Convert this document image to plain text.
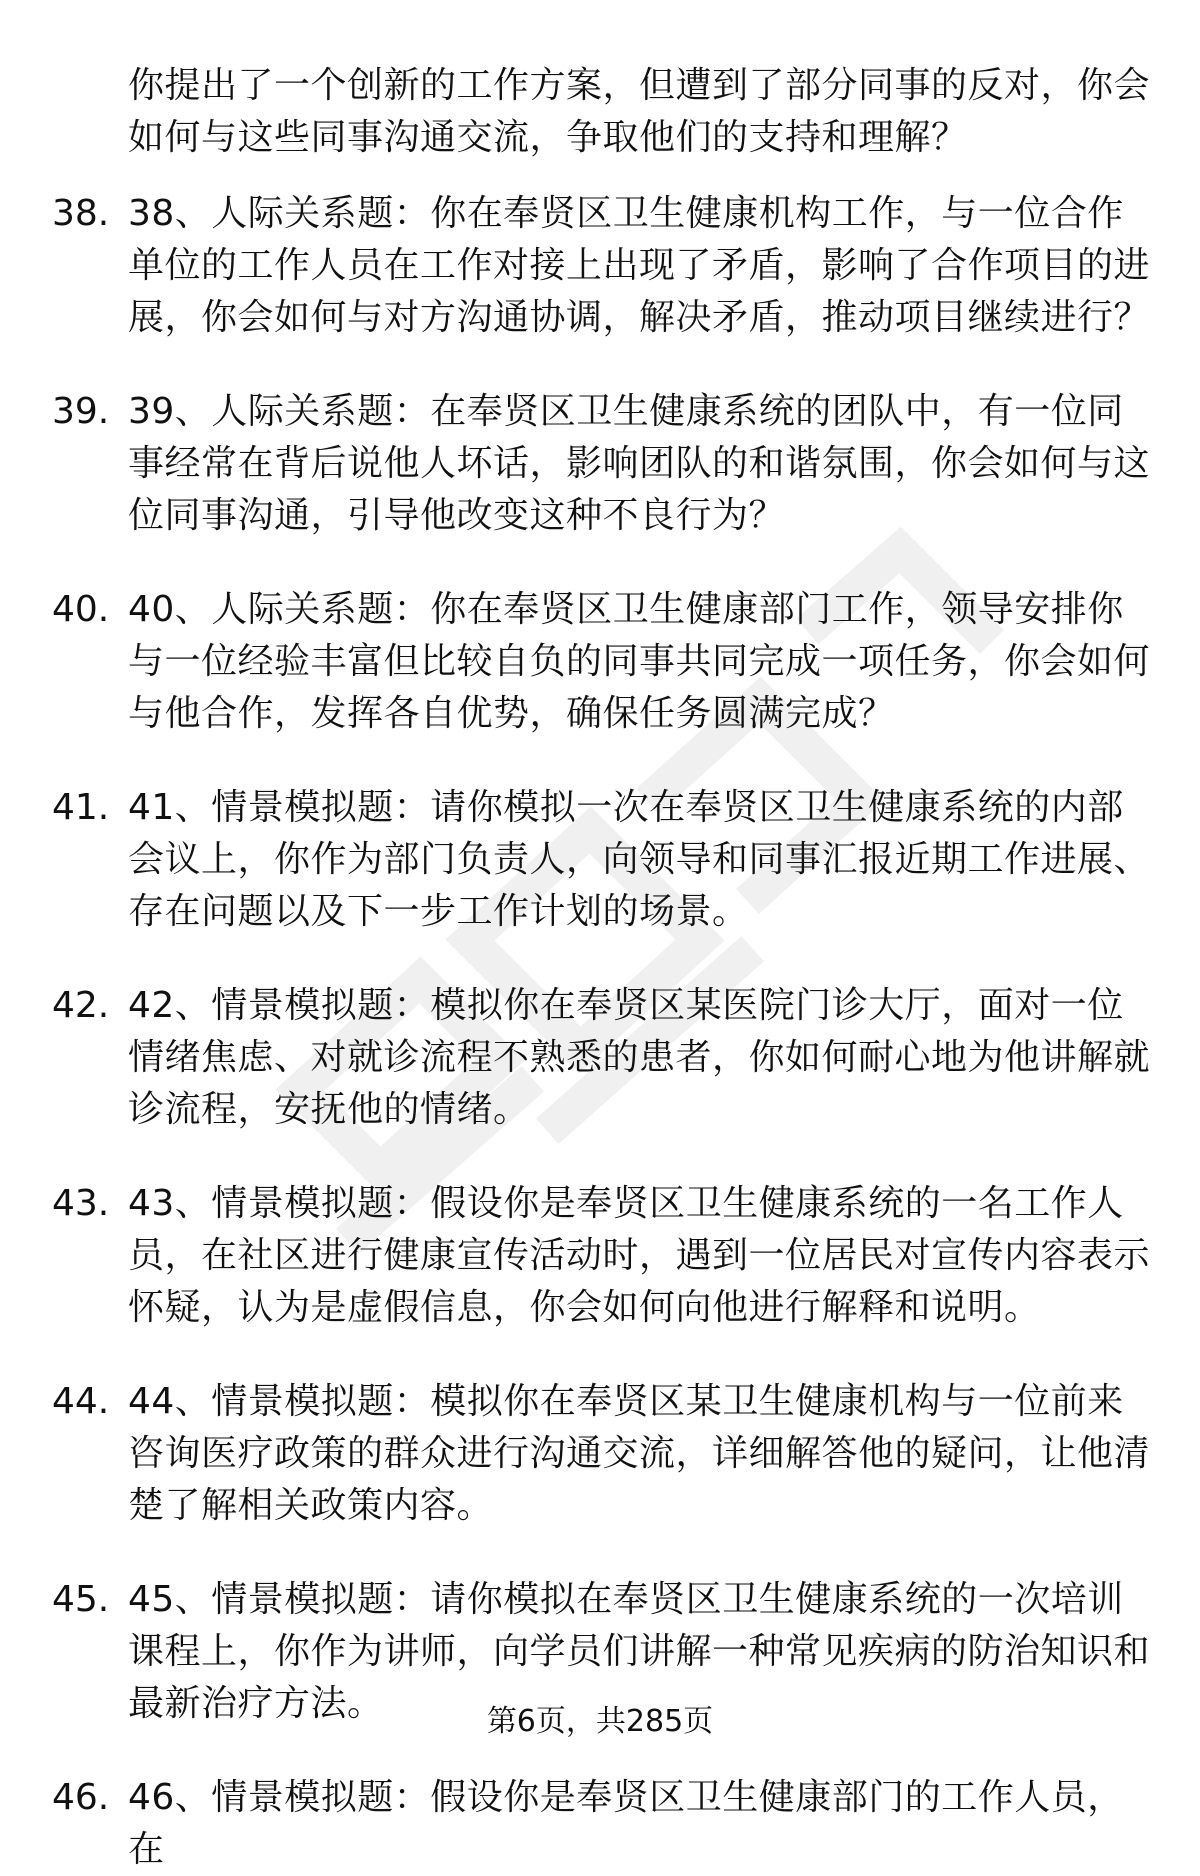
你提出了一个创新的工作方案，但遭到了部分同事的反对，你会如何与这些同事沟通交流，争取他们的支持和理解？
38. 38、人际关系题：你在奉贤区卫生健康机构工作，与一位合作单位的工作人员在工作对接上出现了矛盾，影响了合作项目的进展，你会如何与对方沟通协调，解决矛盾，推动项目继续进行？
39. 39、人际关系题：在奉贤区卫生健康系统的团队中，有一位同事经常在背后说他人坏话，影响团队的和谐氛围，你会如何与这位同事沟通，引导他改变这种不良行为？
40. 40、人际关系题：你在奉贤区卫生健康部门工作，领导安排你与一位经验丰富但比较自负的同事共同完成一项任务，你会如何与他合作，发挥各自优势，确保任务圆满完成？
41. 41、情景模拟题：请你模拟一次在奉贤区卫生健康系统的内部会议上，你作为部门负责人，向领导和同事汇报近期工作进展、存在问题以及下一步工作计划的场景。
42. 42、情景模拟题：模拟你在奉贤区某医院门诊大厅，面对一位情绪焦虑、对就诊流程不熟悉的患者，你如何耐心地为他讲解就诊流程，安抚他的情绪。
43. 43、情景模拟题：假设你是奉贤区卫生健康系统的一名工作人员，在社区进行健康宣传活动时，遇到一位居民对宣传内容表示怀疑，认为是虚假信息，你会如何向他进行解释和说明。
44. 44、情景模拟题：模拟你在奉贤区某卫生健康机构与一位前来咨询医疗政策的群众进行沟通交流，详细解答他的疑问，让他清楚了解相关政策内容。
45. 45、情景模拟题：请你模拟在奉贤区卫生健康系统的一次培训课程上，你作为讲师，向学员们讲解一种常见疾病的防治知识和最新治疗方法。
46. 46、情景模拟题：假设你是奉贤区卫生健康部门的工作人员，在
第6页，共285页
